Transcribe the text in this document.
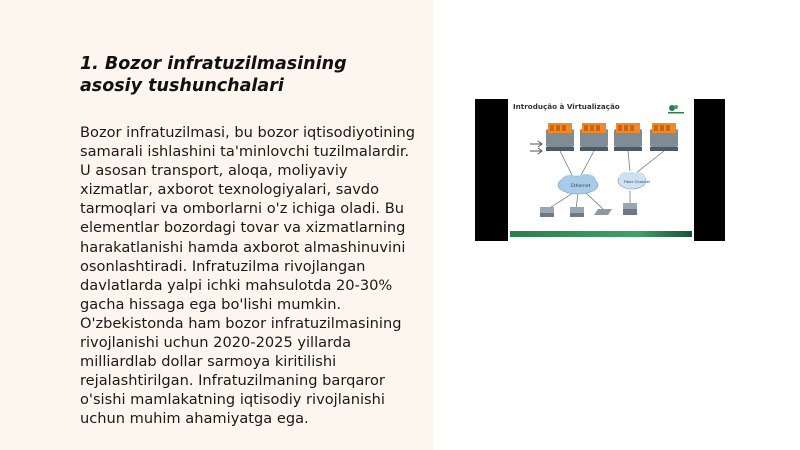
1. Bozor infratuzilmasining asosiy tushunchalari

Bozor infratuzilmasi, bu bozor iqtisodiyotining samarali ishlashini ta'minlovchi tuzilmalardir. U asosan transport, aloqa, moliyaviy xizmatlar, axborot texnologiyalari, savdo tarmoqlari va omborlarni o'z ichiga oladi. Bu elementlar bozordagi tovar va xizmatlarning harakatlanishi hamda axborot almashinuvini osonlashtiradi. Infratuzilma rivojlangan davlatlarda yalpi ichki mahsulotda 20-30% gacha hissaga ega bo'lishi mumkin. O'zbekistonda ham bozor infratuzilmasining rivojlanishi uchun 2020-2025 yillarda milliardlab dollar sarmoya kiritilishi rejalashtirilgan. Infratuzilmaning barqaror o'sishi mamlakatning iqtisodiy rivojlanishi uchun muhim ahamiyatga ega.

Introdução à Virtualização
Ethernet
Fiber Channel
